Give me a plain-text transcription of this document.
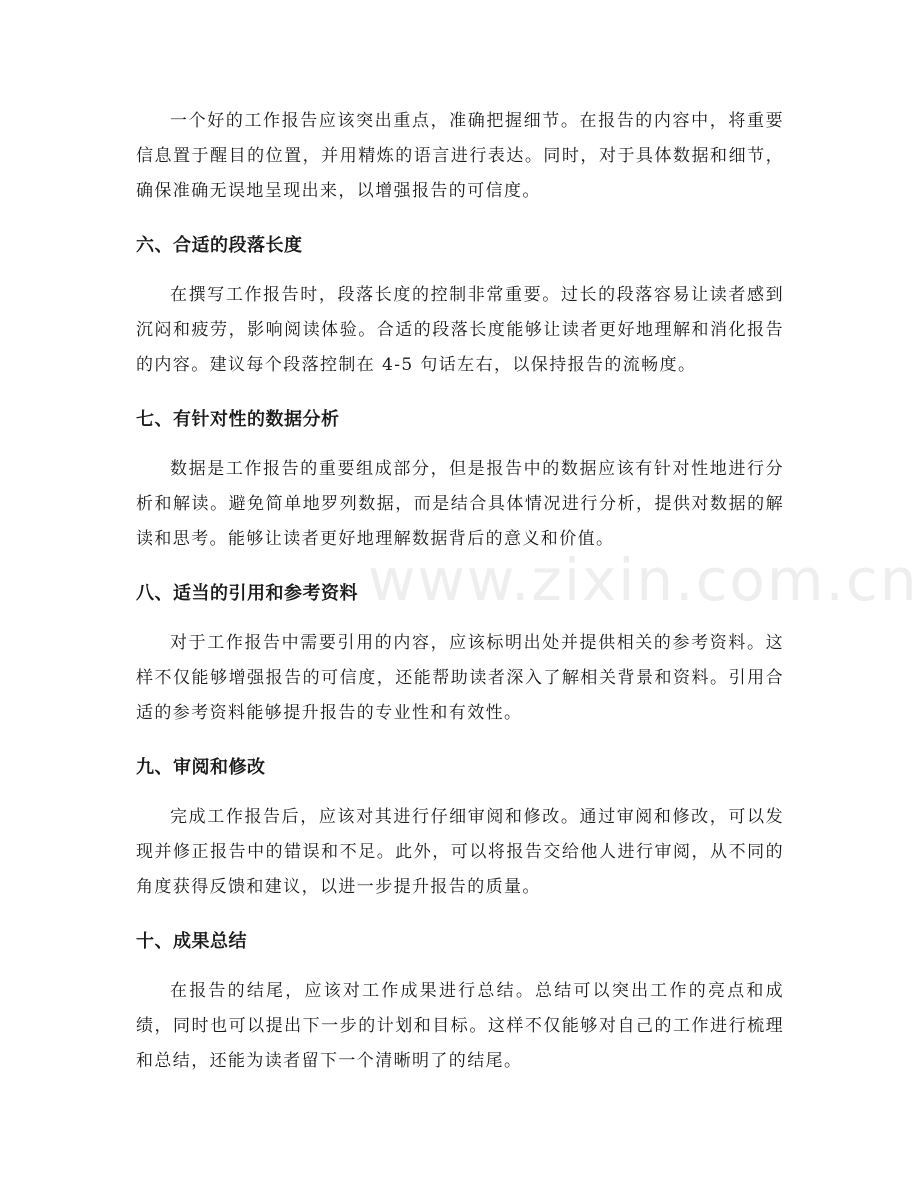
一个好的工作报告应该突出重点，准确把握细节。在报告的内容中，将重要信息置于醒目的位置，并用精炼的语言进行表达。同时，对于具体数据和细节，确保准确无误地呈现出来，以增强报告的可信度。

六、合适的段落长度

在撰写工作报告时，段落长度的控制非常重要。过长的段落容易让读者感到沉闷和疲劳，影响阅读体验。合适的段落长度能够让读者更好地理解和消化报告的内容。建议每个段落控制在 4-5 句话左右，以保持报告的流畅度。

七、有针对性的数据分析

数据是工作报告的重要组成部分，但是报告中的数据应该有针对性地进行分析和解读。避免简单地罗列数据，而是结合具体情况进行分析，提供对数据的解读和思考。能够让读者更好地理解数据背后的意义和价值。

八、适当的引用和参考资料

对于工作报告中需要引用的内容，应该标明出处并提供相关的参考资料。这样不仅能够增强报告的可信度，还能帮助读者深入了解相关背景和资料。引用合适的参考资料能够提升报告的专业性和有效性。

九、审阅和修改

完成工作报告后，应该对其进行仔细审阅和修改。通过审阅和修改，可以发现并修正报告中的错误和不足。此外，可以将报告交给他人进行审阅，从不同的角度获得反馈和建议，以进一步提升报告的质量。

十、成果总结

在报告的结尾，应该对工作成果进行总结。总结可以突出工作的亮点和成绩，同时也可以提出下一步的计划和目标。这样不仅能够对自己的工作进行梳理和总结，还能为读者留下一个清晰明了的结尾。

www.zixin.com.cn
